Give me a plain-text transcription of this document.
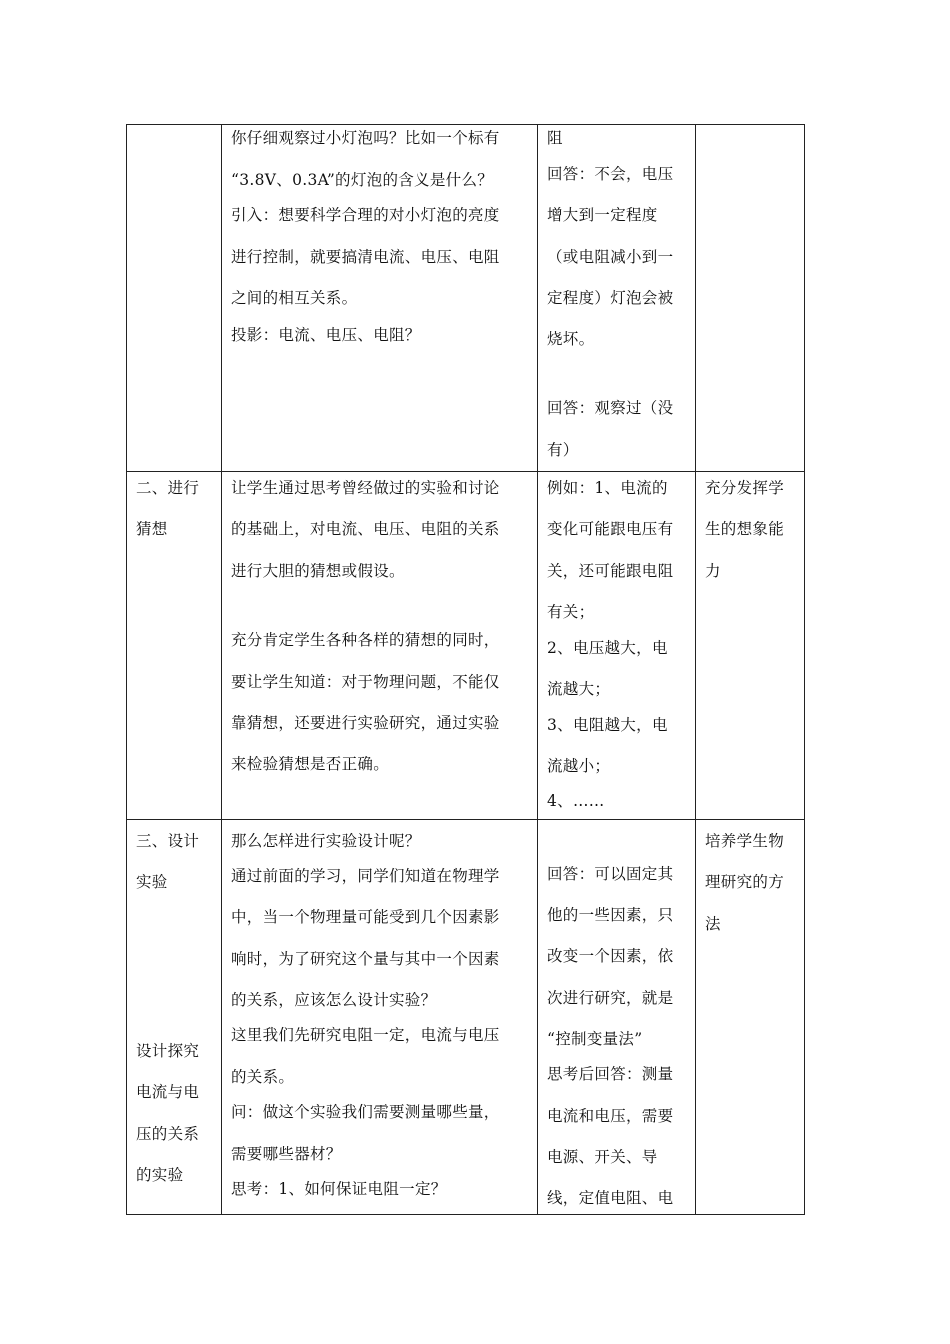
你仔细观察过小灯泡吗？比如一个标有
“3.8V、0.3A”的灯泡的含义是什么？
引入：想要科学合理的对小灯泡的亮度
进行控制，就要搞清电流、电压、电阻
之间的相互关系。
投影：电流、电压、电阻？
阻
回答：不会，电压
增大到一定程度
（或电阻减小到一
定程度）灯泡会被
烧坏。
回答：观察过（没
有）
二、进行
猜想
让学生通过思考曾经做过的实验和讨论
的基础上，对电流、电压、电阻的关系
进行大胆的猜想或假设。
充分肯定学生各种各样的猜想的同时，
要让学生知道：对于物理问题，不能仅
靠猜想，还要进行实验研究，通过实验
来检验猜想是否正确。
例如：1、电流的
变化可能跟电压有
关，还可能跟电阻
有关；
2、电压越大，电
流越大；
3、电阻越大，电
流越小；
4、……
充分发挥学
生的想象能
力
三、设计
实验
设计探究
电流与电
压的关系
的实验
那么怎样进行实验设计呢？
通过前面的学习，同学们知道在物理学
中，当一个物理量可能受到几个因素影
响时，为了研究这个量与其中一个因素
的关系，应该怎么设计实验？
这里我们先研究电阻一定，电流与电压
的关系。
问：做这个实验我们需要测量哪些量，
需要哪些器材？
思考：1、如何保证电阻一定？
回答：可以固定其
他的一些因素，只
改变一个因素，依
次进行研究，就是
“控制变量法”
思考后回答：测量
电流和电压，需要
电源、开关、导
线，定值电阻、电
培养学生物
理研究的方
法
